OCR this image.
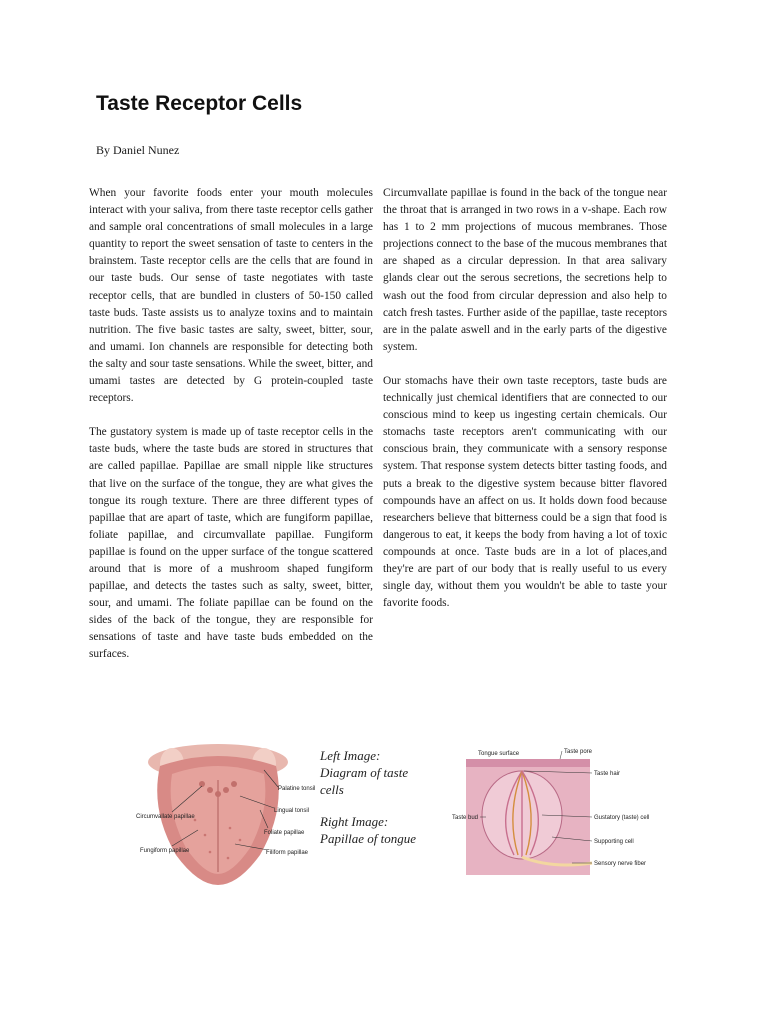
Taste Receptor Cells
By Daniel Nunez

When your favorite foods enter your mouth molecules interact with your saliva, from there taste receptor cells gather and sample oral concentrations of small molecules in a large quantity to report the sweet sensation of taste to centers in the brainstem. Taste receptor cells are the cells that are found in our taste buds. Our sense of taste negotiates with taste receptor cells, that are bundled in clusters of 50-150 called taste buds. Taste assists us to analyze toxins and to maintain nutrition. The five basic tastes are salty, sweet, bitter, sour, and umami. Ion channels are responsible for detecting both the salty and sour taste sensations. While the sweet, bitter, and umami tastes are detected by G protein-coupled taste receptors.

The gustatory system is made up of taste receptor cells in the taste buds, where the taste buds are stored in structures that are called papillae. Papillae are small nipple like structures that live on the surface of the tongue, they are what gives the tongue its rough texture. There are three different types of papillae that are apart of taste, which are fungiform papillae, foliate papillae, and circumvallate papillae. Fungiform papillae is found on the upper surface of the tongue scattered around that is more of a mushroom shaped fungiform papillae, and detects the tastes such as salty, sweet, bitter, sour, and umami. The foliate papillae can be found on the sides of the back of the tongue, they are responsible for sensations of taste and have taste buds embedded on the surfaces.

Circumvallate papillae is found in the back of the tongue near the throat that is arranged in two rows in a v-shape. Each row has 1 to 2 mm projections of mucous membranes. Those projections connect to the base of the mucous membranes that are shaped as a circular depression. In that area salivary glands clear out the serous secretions, the secretions help to wash out the food from circular depression and also help to catch fresh tastes. Further aside of the papillae, taste receptors are in the palate aswell and in the early parts of the digestive system.

Our stomachs have their own taste receptors, taste buds are technically just chemical identifiers that are connected to our conscious mind to keep us ingesting certain chemicals. Our stomachs taste receptors aren't communicating with our conscious brain, they communicate with a sensory response system. That response system detects bitter tasting foods, and puts a break to the digestive system because bitter flavored compounds have an affect on us. It holds down food because researchers believe that bitterness could be a sign that food is dangerous to eat, it keeps the body from having a lot of toxic compounds at once. Taste buds are in a lot of places,and they're are part of our body that is really useful to us every single day, without them you wouldn't be able to taste your favorite foods.

Palatine tonsil
Lingual tonsil
Circumvallate papillae
Foliate papillae
Fungiform papillae	Filiform papillae
Left Image: Diagram of taste cells
Right Image: Papillae of tongue
Tongue surface	Taste pore
Taste hair
Taste bud	Gustatory (taste) cell
Supporting cell
Sensory nerve fiber
